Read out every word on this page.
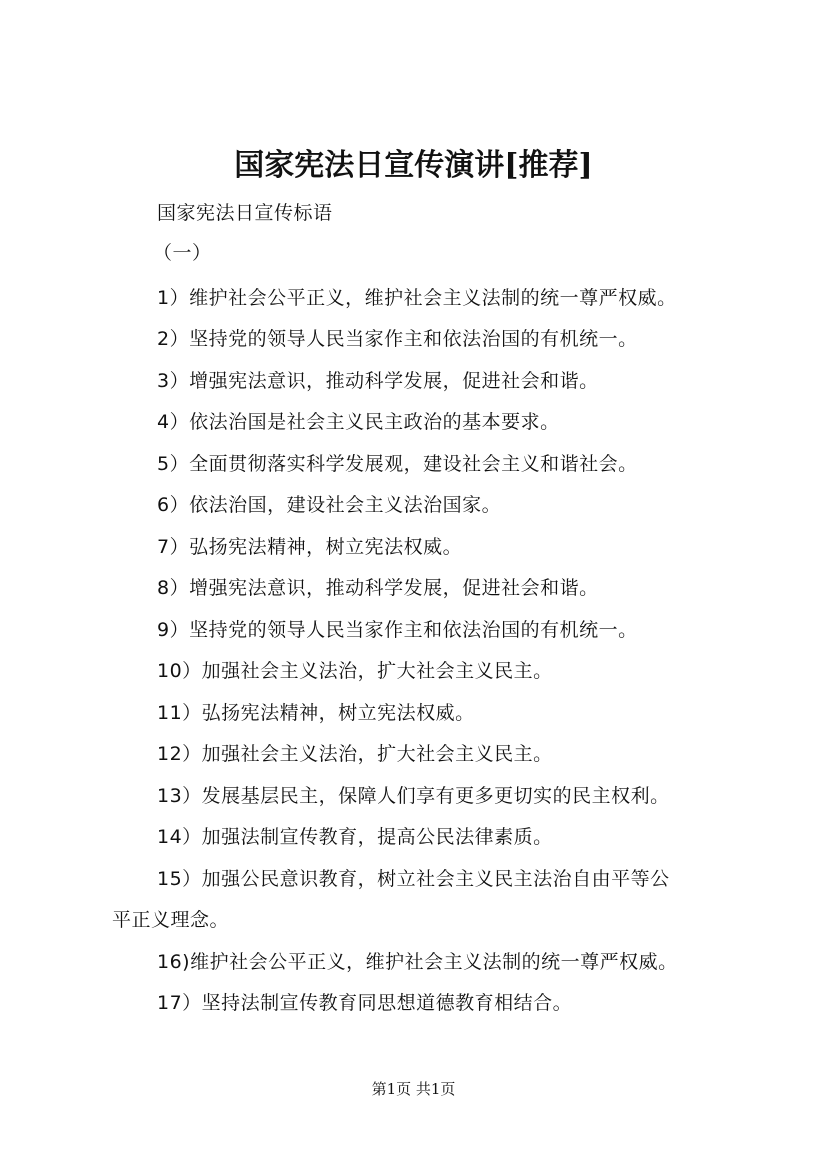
国家宪法日宣传演讲[推荐]
国家宪法日宣传标语
（一）
1）维护社会公平正义，维护社会主义法制的统一尊严权威。
2）坚持党的领导人民当家作主和依法治国的有机统一。
3）增强宪法意识，推动科学发展，促进社会和谐。
4）依法治国是社会主义民主政治的基本要求。
5）全面贯彻落实科学发展观，建设社会主义和谐社会。
6）依法治国，建设社会主义法治国家。
7）弘扬宪法精神，树立宪法权威。
8）增强宪法意识，推动科学发展，促进社会和谐。
9）坚持党的领导人民当家作主和依法治国的有机统一。
10）加强社会主义法治，扩大社会主义民主。
11）弘扬宪法精神，树立宪法权威。
12）加强社会主义法治，扩大社会主义民主。
13）发展基层民主，保障人们享有更多更切实的民主权利。
14）加强法制宣传教育，提高公民法律素质。
15）加强公民意识教育，树立社会主义民主法治自由平等公
平正义理念。
16)维护社会公平正义，维护社会主义法制的统一尊严权威。
17）坚持法制宣传教育同思想道德教育相结合。
第1页 共1页
